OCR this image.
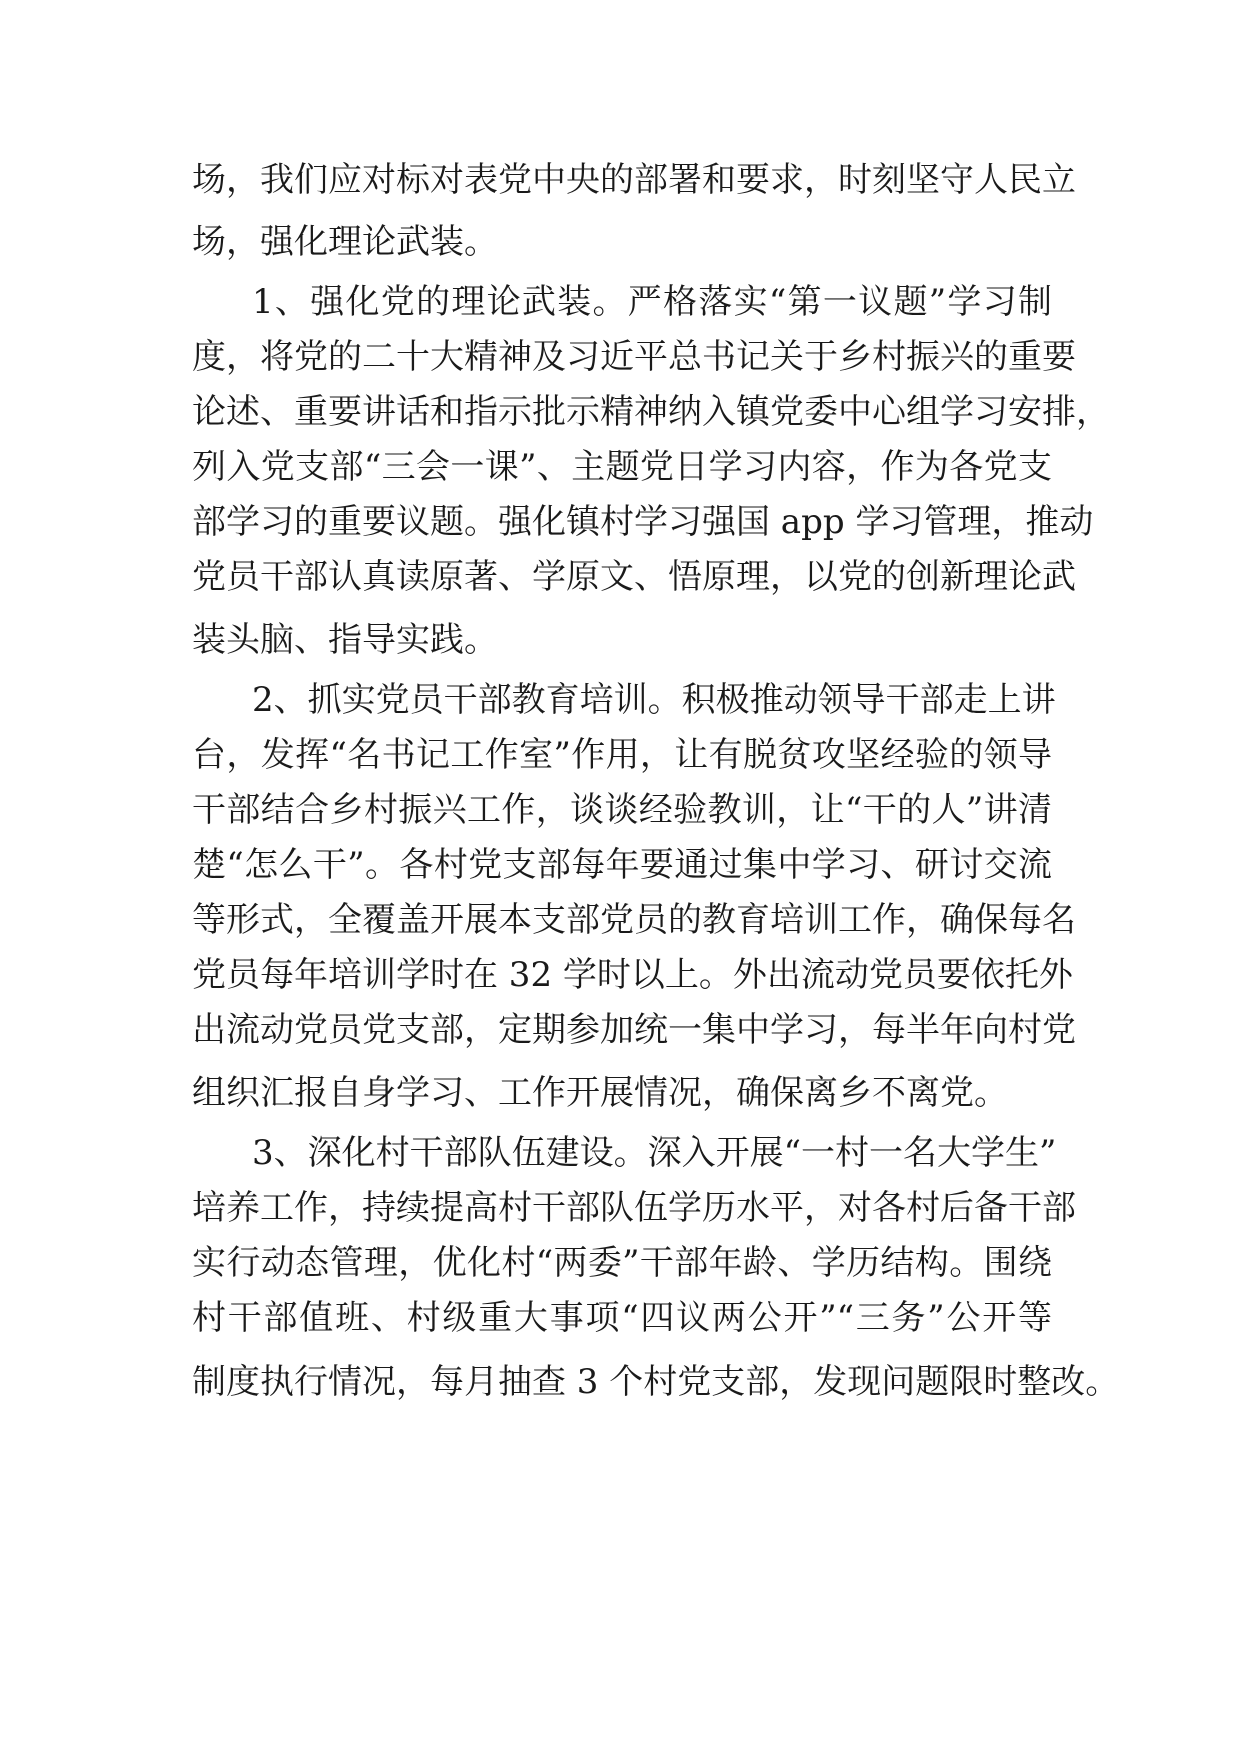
场，我们应对标对表党中央的部署和要求，时刻坚守人民立
场，强化理论武装。
1、强化党的理论武装。严格落实“第一议题”学习制
度，将党的二十大精神及习近平总书记关于乡村振兴的重要
论述、重要讲话和指示批示精神纳入镇党委中心组学习安排，
列入党支部“三会一课”、主题党日学习内容，作为各党支
部学习的重要议题。强化镇村学习强国 app 学习管理，推动
党员干部认真读原著、学原文、悟原理，以党的创新理论武
装头脑、指导实践。
2、抓实党员干部教育培训。积极推动领导干部走上讲
台，发挥“名书记工作室”作用，让有脱贫攻坚经验的领导
干部结合乡村振兴工作，谈谈经验教训，让“干的人”讲清
楚“怎么干”。各村党支部每年要通过集中学习、研讨交流
等形式，全覆盖开展本支部党员的教育培训工作，确保每名
党员每年培训学时在 32 学时以上。外出流动党员要依托外
出流动党员党支部，定期参加统一集中学习，每半年向村党
组织汇报自身学习、工作开展情况，确保离乡不离党。
3、深化村干部队伍建设。深入开展“一村一名大学生”
培养工作，持续提高村干部队伍学历水平，对各村后备干部
实行动态管理，优化村“两委”干部年龄、学历结构。围绕
村干部值班、村级重大事项“四议两公开”“三务”公开等
制度执行情况，每月抽查 3 个村党支部，发现问题限时整改。
